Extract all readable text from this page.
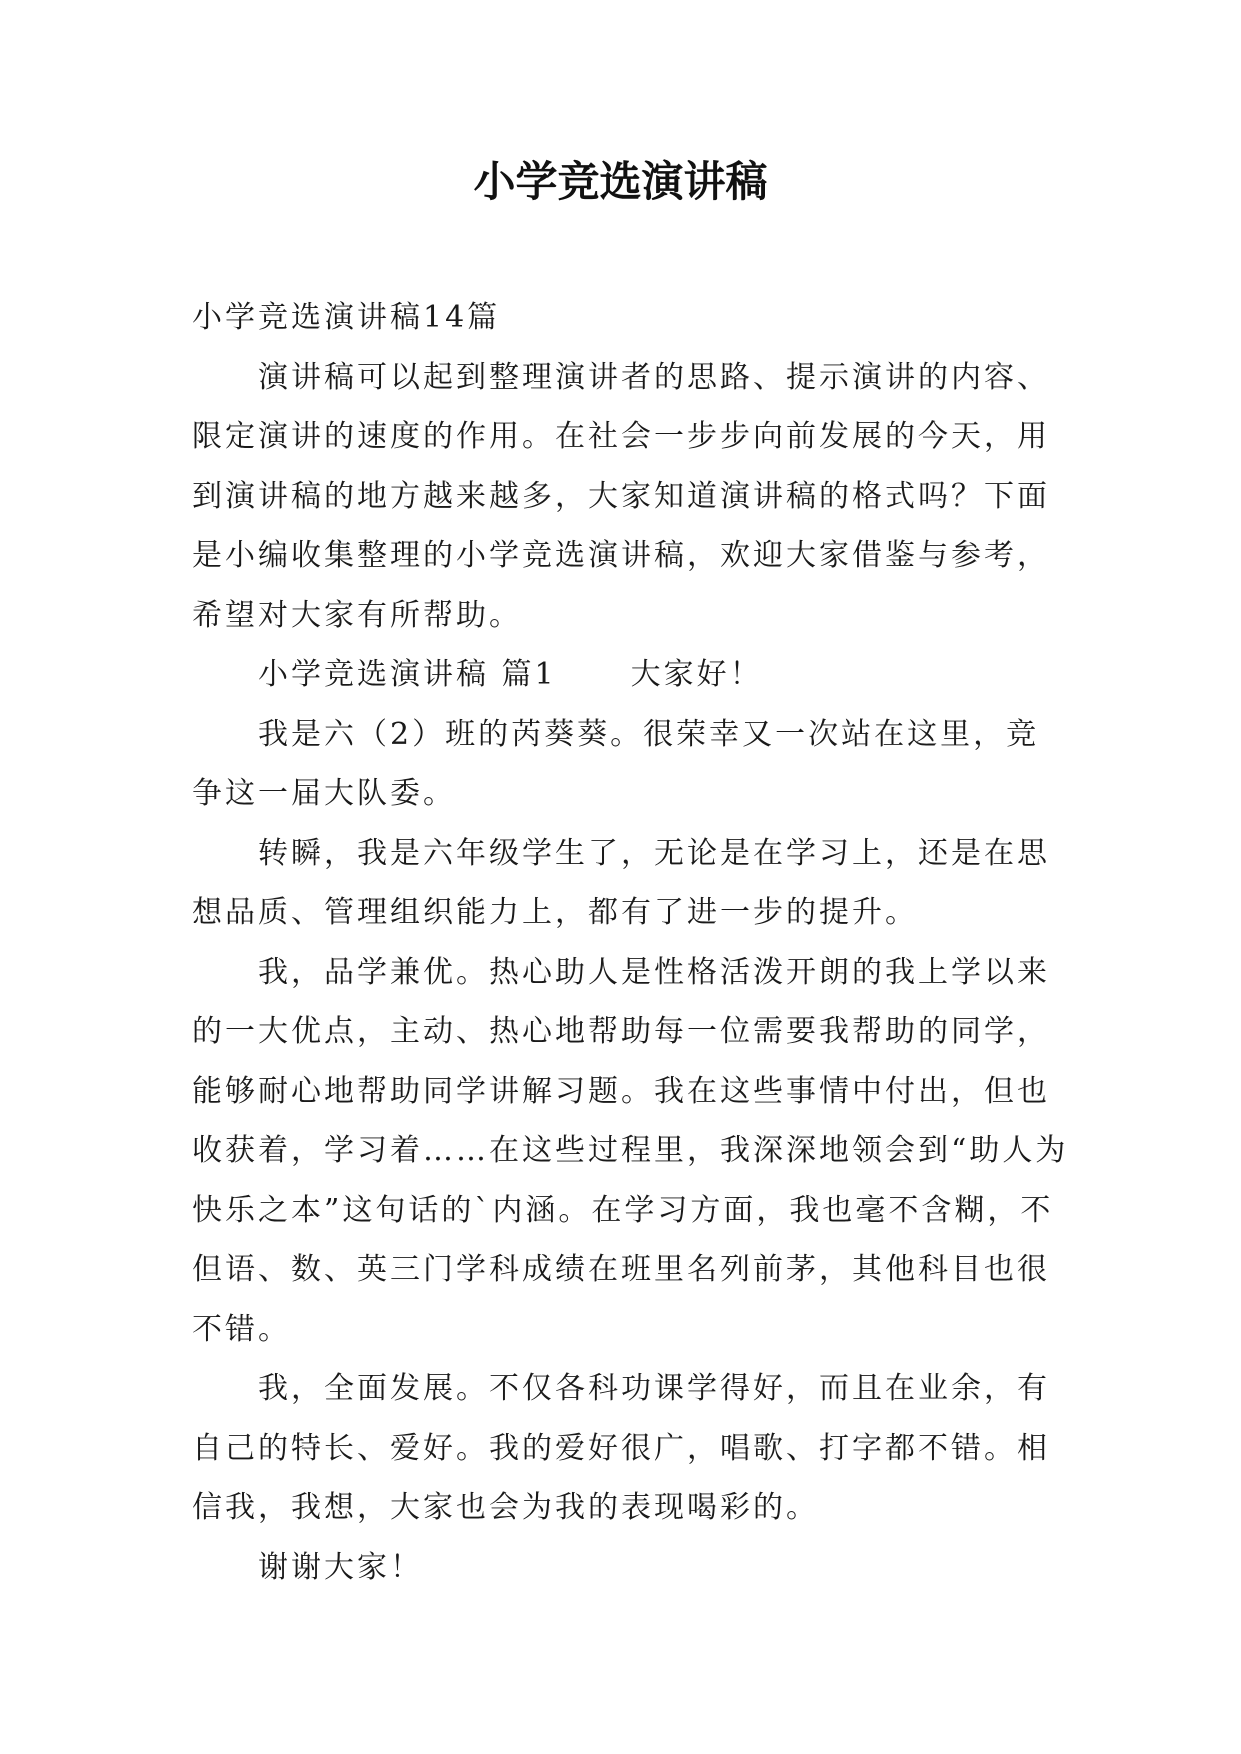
小学竞选演讲稿

小学竞选演讲稿14篇

演讲稿可以起到整理演讲者的思路、提示演讲的内容、限定演讲的速度的作用。在社会一步步向前发展的今天，用到演讲稿的地方越来越多，大家知道演讲稿的格式吗？下面是小编收集整理的小学竞选演讲稿，欢迎大家借鉴与参考，希望对大家有所帮助。

小学竞选演讲稿 篇1 大家好！

我是六（2）班的芮葵葵。很荣幸又一次站在这里，竞争这一届大队委。

转瞬，我是六年级学生了，无论是在学习上，还是在思想品质、管理组织能力上，都有了进一步的提升。

我，品学兼优。热心助人是性格活泼开朗的我上学以来的一大优点，主动、热心地帮助每一位需要我帮助的同学，能够耐心地帮助同学讲解习题。我在这些事情中付出，但也收获着，学习着……在这些过程里，我深深地领会到“助人为快乐之本”这句话的`内涵。在学习方面，我也毫不含糊，不但语、数、英三门学科成绩在班里名列前茅，其他科目也很不错。

我，全面发展。不仅各科功课学得好，而且在业余，有自己的特长、爱好。我的爱好很广，唱歌、打字都不错。相信我，我想，大家也会为我的表现喝彩的。

谢谢大家！
